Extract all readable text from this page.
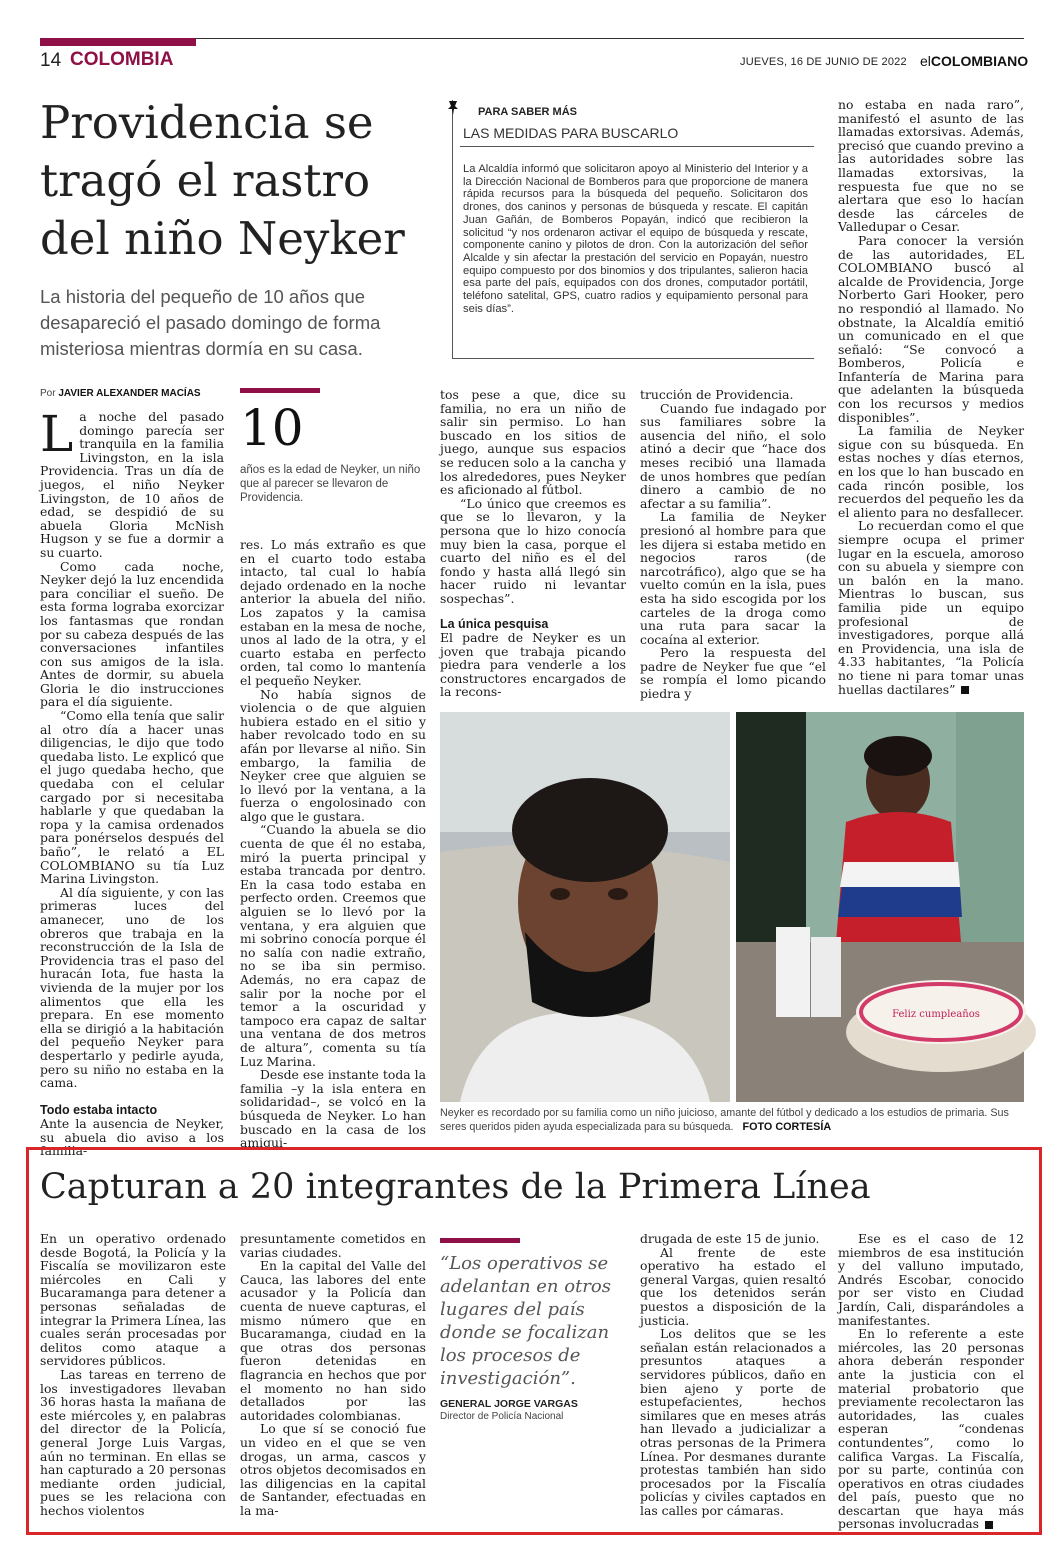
14 COLOMBIA	JUEVES, 16 DE JUNIO DE 2022 elCOLOMBIANO
Providencia se tragó el rastro del niño Neyker
La historia del pequeño de 10 años que desapareció el pasado domingo de forma misteriosa mientras dormía en su casa.
PARA SABER MÁS
LAS MEDIDAS PARA BUSCARLO
La Alcaldía informó que solicitaron apoyo al Ministerio del Interior y a la Dirección Nacional de Bomberos para que proporcione de manera rápida recursos para la búsqueda del pequeño. Solicitaron dos drones, dos caninos y personas de búsqueda y rescate. El capitán Juan Gañán, de Bomberos Popayán, indicó que recibieron la solicitud “y nos ordenaron activar el equipo de búsqueda y rescate, componente canino y pilotos de dron. Con la autorización del señor Alcalde y sin afectar la prestación del servicio en Popayán, nuestro equipo compuesto por dos binomios y dos tripulantes, salieron hacia esa parte del país, equipados con dos drones, computador portátil, teléfono satelital, GPS, cuatro radios y equipamiento personal para seis días”.
Por JAVIER ALEXANDER MACÍAS
L a noche del pasado domingo parecía ser tranquila en la familia Livingston, en la isla Providencia. Tras un día de juegos, el niño Neyker Livingston, de 10 años de edad, se despidió de su abuela Gloria McNish Hugson y se fue a dormir a su cuarto.

Como cada noche, Neyker dejó la luz encendida para conciliar el sueño. De esta forma lograba exorcizar los fantasmas que rondan por su cabeza después de las conversaciones infantiles con sus amigos de la isla. Antes de dormir, su abuela Gloria le dio instrucciones para el día siguiente.

“Como ella tenía que salir al otro día a hacer unas diligencias, le dijo que todo quedaba listo. Le explicó que el jugo quedaba hecho, que quedaba con el celular cargado por si necesitaba hablarle y que quedaban la ropa y la camisa ordenados para ponérselos después del baño”, le relató a EL COLOMBIANO su tía Luz Marina Livingston.

Al día siguiente, y con las primeras luces del amanecer, uno de los obreros que trabaja en la reconstrucción de la Isla de Providencia tras el paso del huracán Iota, fue hasta la vivienda de la mujer por los alimentos que ella les prepara. En ese momento ella se dirigió a la habitación del pequeño Neyker para despertarlo y pedirle ayuda, pero su niño no estaba en la cama.

Todo estaba intacto

Ante la ausencia de Neyker, su abuela dio aviso a los familia-

10
años es la edad de Neyker, un niño que al parecer se llevaron de Providencia.

res. Lo más extraño es que en el cuarto todo estaba intacto, tal cual lo había dejado ordenado en la noche anterior la abuela del niño. Los zapatos y la camisa estaban en la mesa de noche, unos al lado de la otra, y el cuarto estaba en perfecto orden, tal como lo mantenía el pequeño Neyker.

No había signos de violencia o de que alguien hubiera estado en el sitio y haber revolcado todo en su afán por llevarse al niño. Sin embargo, la familia de Neyker cree que alguien se lo llevó por la ventana, a la fuerza o engolosinado con algo que le gustara.

“Cuando la abuela se dio cuenta de que él no estaba, miró la puerta principal y estaba trancada por dentro. En la casa todo estaba en perfecto orden. Creemos que alguien se lo llevó por la ventana, y era alguien que mi sobrino conocía porque él no salía con nadie extraño, no se iba sin permiso. Además, no era capaz de salir por la noche por el temor a la oscuridad y tampoco era capaz de saltar una ventana de dos metros de altura”, comenta su tía Luz Marina.

Desde ese instante toda la familia –y la isla entera en solidaridad–, se volcó en la búsqueda de Neyker. Lo han buscado en la casa de los amigui-

tos pese a que, dice su familia, no era un niño de salir sin permiso. Lo han buscado en los sitios de juego, aunque sus espacios se reducen solo a la cancha y los alrededores, pues Neyker es aficionado al fútbol.

“Lo único que creemos es que se lo llevaron, y la persona que lo hizo conocía muy bien la casa, porque el cuarto del niño es el del fondo y hasta allá llegó sin hacer ruido ni levantar sospechas”.

La única pesquisa

El padre de Neyker es un joven que trabaja picando piedra para venderle a los constructores encargados de la recons-

trucción de Providencia.

Cuando fue indagado por sus familiares sobre la ausencia del niño, el solo atinó a decir que “hace dos meses recibió una llamada de unos hombres que pedían dinero a cambio de no afectar a su familia”.

La familia de Neyker presionó al hombre para que les dijera si estaba metido en negocios raros (de narcotráfico), algo que se ha vuelto común en la isla, pues esta ha sido escogida por los carteles de la droga como una ruta para sacar la cocaína al exterior.

Pero la respuesta del padre de Neyker fue que “el se rompía el lomo picando piedra y

no estaba en nada raro”, manifestó el asunto de las llamadas extorsivas. Además, precisó que cuando previno a las autoridades sobre las llamadas extorsivas, la respuesta fue que no se alertara que eso lo hacían desde las cárceles de Valledupar o Cesar.

Para conocer la versión de las autoridades, EL COLOMBIANO buscó al alcalde de Providencia, Jorge Norberto Gari Hooker, pero no respondió al llamado. No obstnate, la Alcaldía emitió un comunicado en el que señaló: “Se convocó a Bomberos, Policía e Infantería de Marina para que adelanten la búsqueda con los recursos y medios disponibles”.

La familia de Neyker sigue con su búsqueda. En estas noches y días eternos, en los que lo han buscado en cada rincón posible, los recuerdos del pequeño les da el aliento para no desfallecer.

Lo recuerdan como el que siempre ocupa el primer lugar en la escuela, amoroso con su abuela y siempre con un balón en la mano. Mientras lo buscan, sus familia pide un equipo profesional de investigadores, porque allá en Providencia, una isla de 4.33 habitantes, “la Policía no tiene ni para tomar unas huellas dactilares”

Feliz cumpleaños
Neyker es recordado por su familia como un niño juicioso, amante del fútbol y dedicado a los estudios de primaria. Sus seres queridos piden ayuda especializada para su búsqueda. FOTO CORTESÍA
Capturan a 20 integrantes de la Primera Línea

En un operativo ordenado desde Bogotá, la Policía y la Fiscalía se movilizaron este miércoles en Cali y Bucaramanga para detener a personas señaladas de integrar la Primera Línea, las cuales serán procesadas por delitos como ataque a servidores públicos.

Las tareas en terreno de los investigadores llevaban 36 horas hasta la mañana de este miércoles y, en palabras del director de la Policía, general Jorge Luis Vargas, aún no terminan. En ellas se han capturado a 20 personas mediante orden judicial, pues se les relaciona con hechos violentos

presuntamente cometidos en varias ciudades.

En la capital del Valle del Cauca, las labores del ente acusador y la Policía dan cuenta de nueve capturas, el mismo número que en Bucaramanga, ciudad en la que otras dos personas fueron detenidas en flagrancia en hechos que por el momento no han sido detallados por las autoridades colombianas.

Lo que sí se conoció fue un video en el que se ven drogas, un arma, cascos y otros objetos decomisados en las diligencias en la capital de Santander, efectuadas en la ma-

“Los operativos se adelantan en otros lugares del país donde se focalizan los procesos de investigación”.
GENERAL JORGE VARGAS
Director de Policía Nacional

drugada de este 15 de junio.

Al frente de este operativo ha estado el general Vargas, quien resaltó que los detenidos serán puestos a disposición de la justicia.

Los delitos que se les señalan están relacionados a presuntos ataques a servidores públicos, daño en bien ajeno y porte de estupefacientes, hechos similares que en meses atrás han llevado a judicializar a otras personas de la Primera Línea. Por desmanes durante protestas también han sido procesados por la Fiscalía policías y civiles captados en las calles por cámaras.

Ese es el caso de 12 miembros de esa institución y del valluno imputado, Andrés Escobar, conocido por ser visto en Ciudad Jardín, Cali, disparándoles a manifestantes.

En lo referente a este miércoles, las 20 personas ahora deberán responder ante la justicia con el material probatorio que previamente recolectaron las autoridades, las cuales esperan “condenas contundentes”, como lo califica Vargas. La Fiscalía, por su parte, continúa con operativos en otras ciudades del país, puesto que no descartan que haya más personas involucradas
